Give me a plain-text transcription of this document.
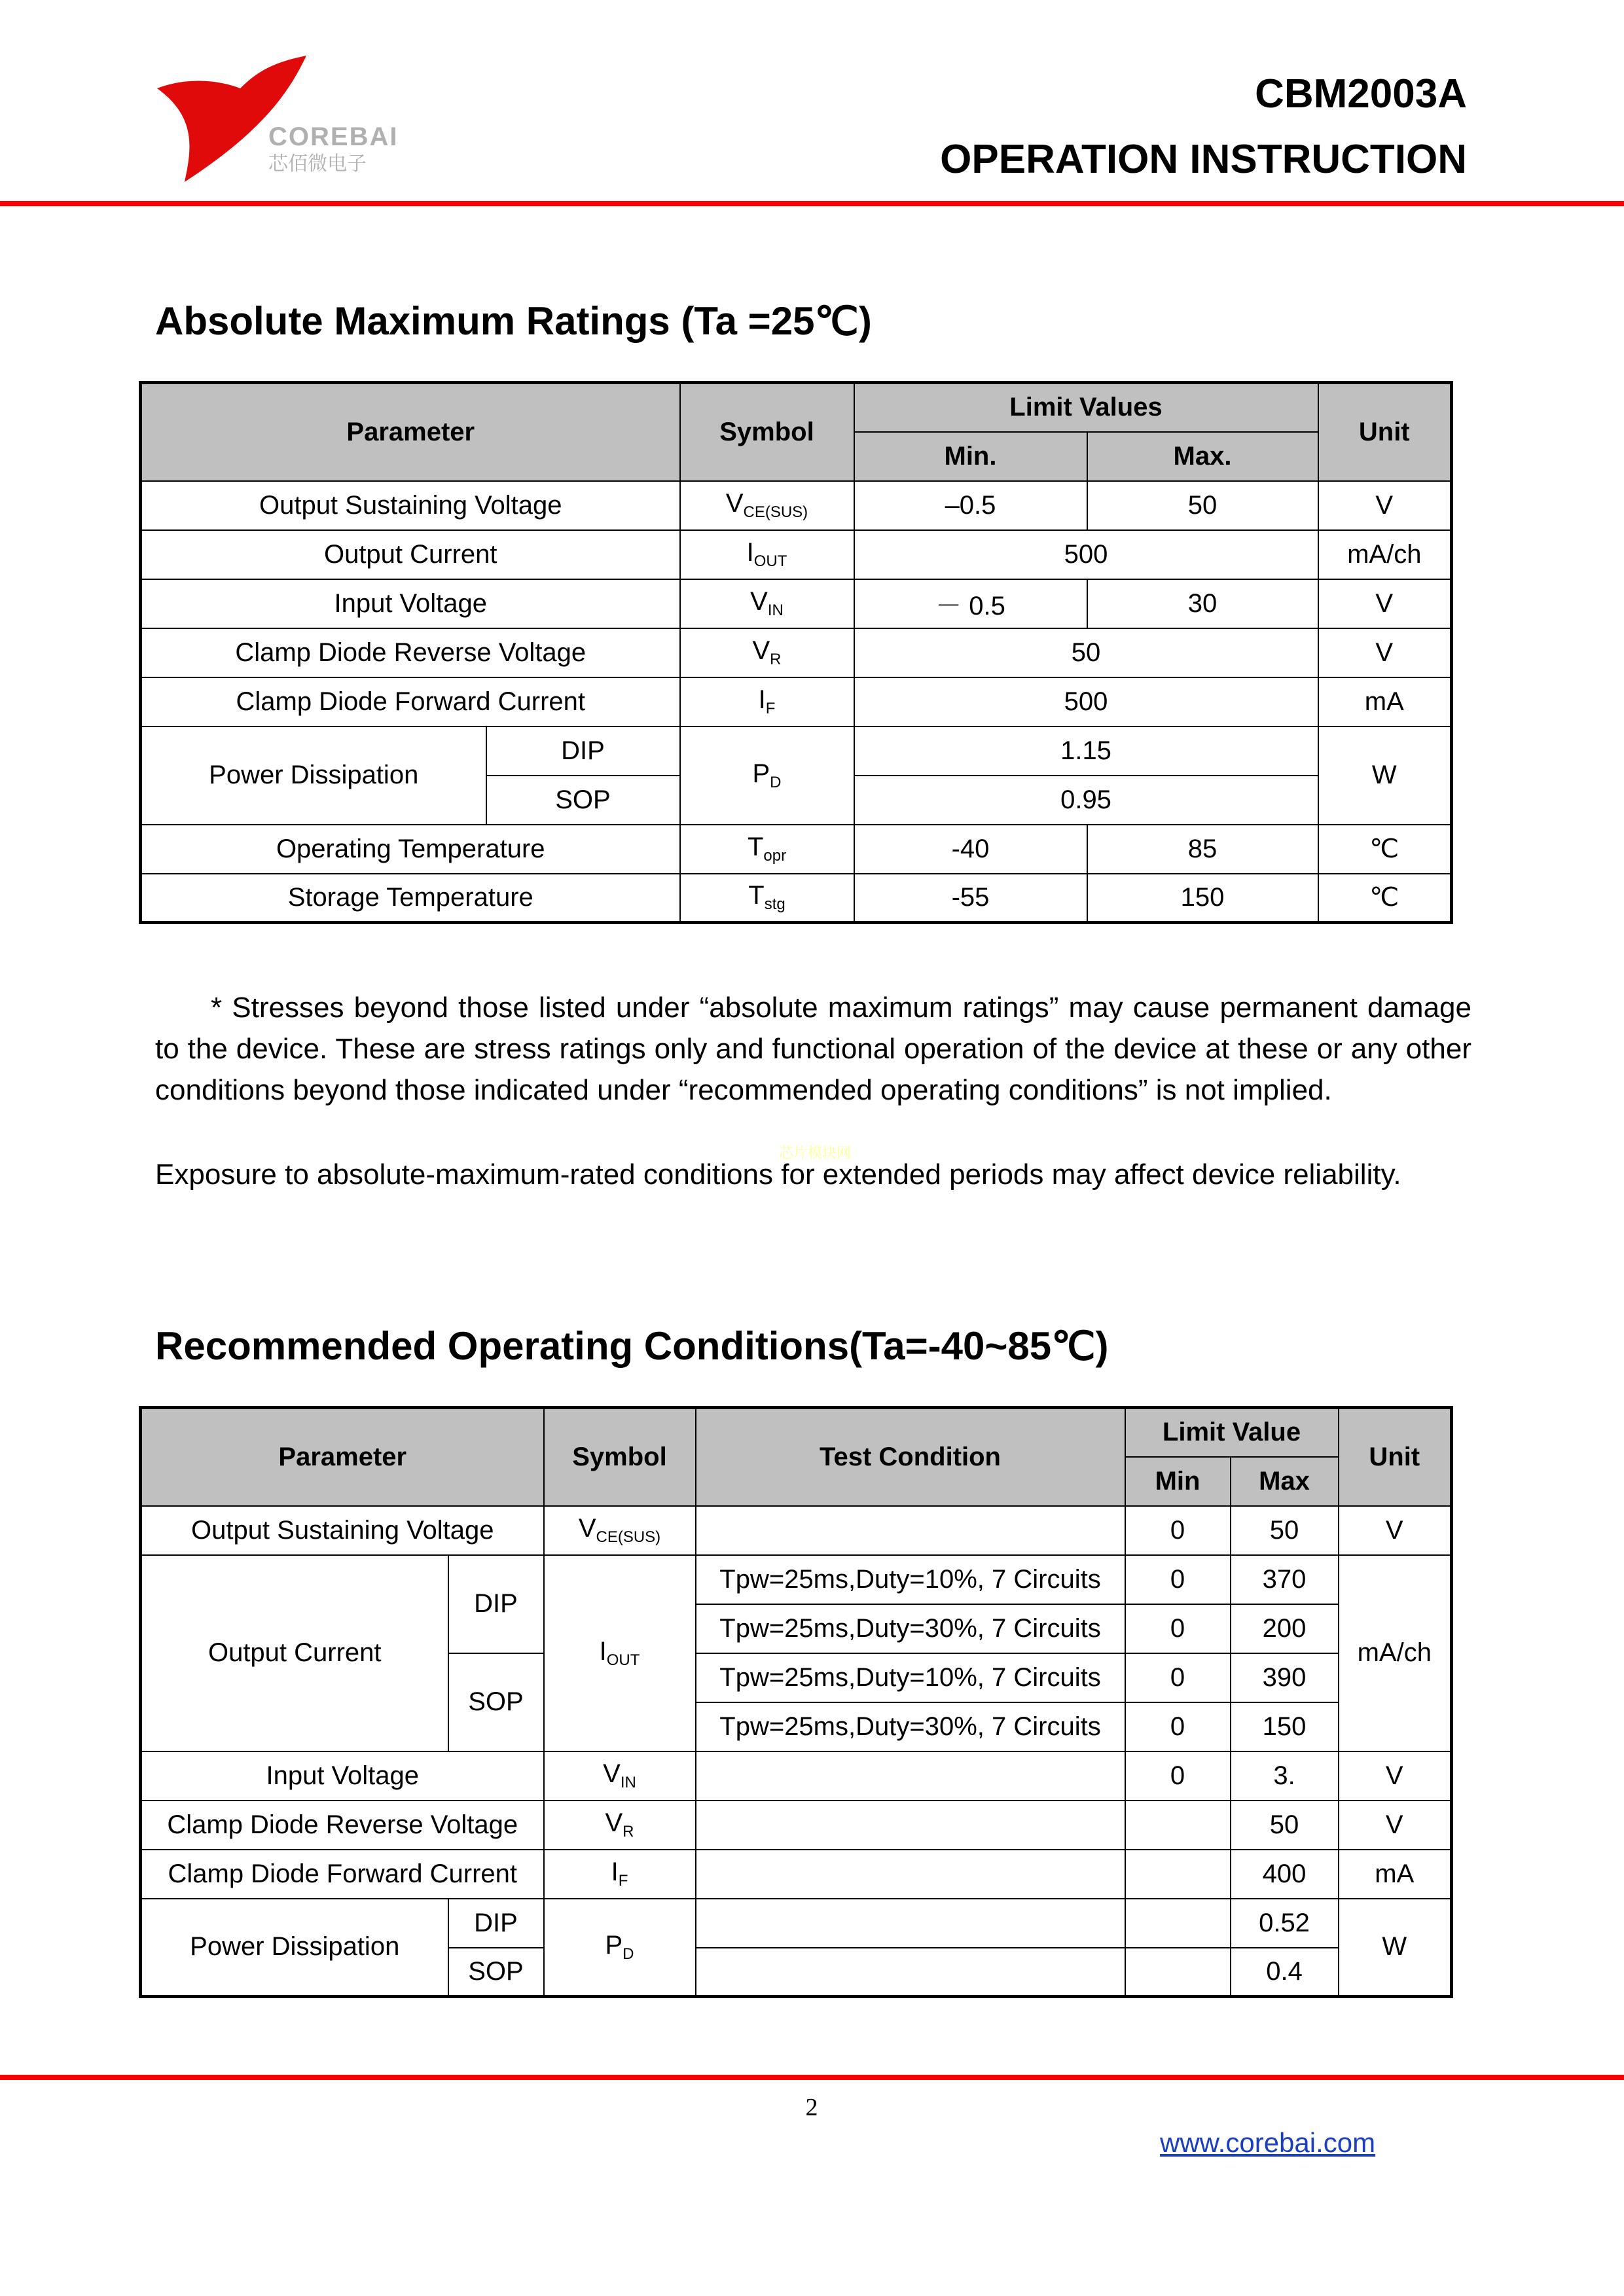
COREBAI
芯佰微电子
CBM2003A
OPERATION INSTRUCTION
Absolute Maximum Ratings (Ta =25℃)
Parameter		Symbol	Limit Values		Unit
			Min.	Max.	
Output Sustaining Voltage		$V_{CE(SUS)}$	–0.5	50	V
Output Current		$I_{OUT}$	500		mA/ch
Input Voltage		$V_{IN}$	－ 0.5	30	V
Clamp Diode Reverse Voltage		$V_R$	50		V
Clamp Diode Forward Current		$I_F$	500		mA
Power Dissipation	DIP	$P_D$	1.15		W
	SOP		0.95		
Operating Temperature		$T_{opr}$	-40	85	℃
Storage Temperature		$T_{stg}$	-55	150	℃
* Stresses beyond those listed under “absolute maximum ratings” may cause permanent damage to the device. These are stress ratings only and functional operation of the device at these or any other conditions beyond those indicated under “recommended operating conditions” is not implied.
芯片模块网
Exposure to absolute-maximum-rated conditions for extended periods may affect device reliability.
Recommended Operating Conditions(Ta=-40~85℃)
Parameter		Symbol	Test Condition	Limit Value		Unit
				Min	Max	
Output Sustaining Voltage		$V_{CE(SUS)}$		0	50	V
Output Current	DIP	$I_{OUT}$	Tpw=25ms,Duty=10%, 7 Circuits	0	370	mA/ch
			Tpw=25ms,Duty=30%, 7 Circuits	0	200	
	SOP		Tpw=25ms,Duty=10%, 7 Circuits	0	390	
			Tpw=25ms,Duty=30%, 7 Circuits	0	150	
Input Voltage		$V_{IN}$		0	3.	V
Clamp Diode Reverse Voltage		$V_R$			50	V
Clamp Diode Forward Current		$I_F$			400	mA
Power Dissipation	DIP	$P_D$			0.52	W
	SOP				0.4	
2
www.corebai.com
